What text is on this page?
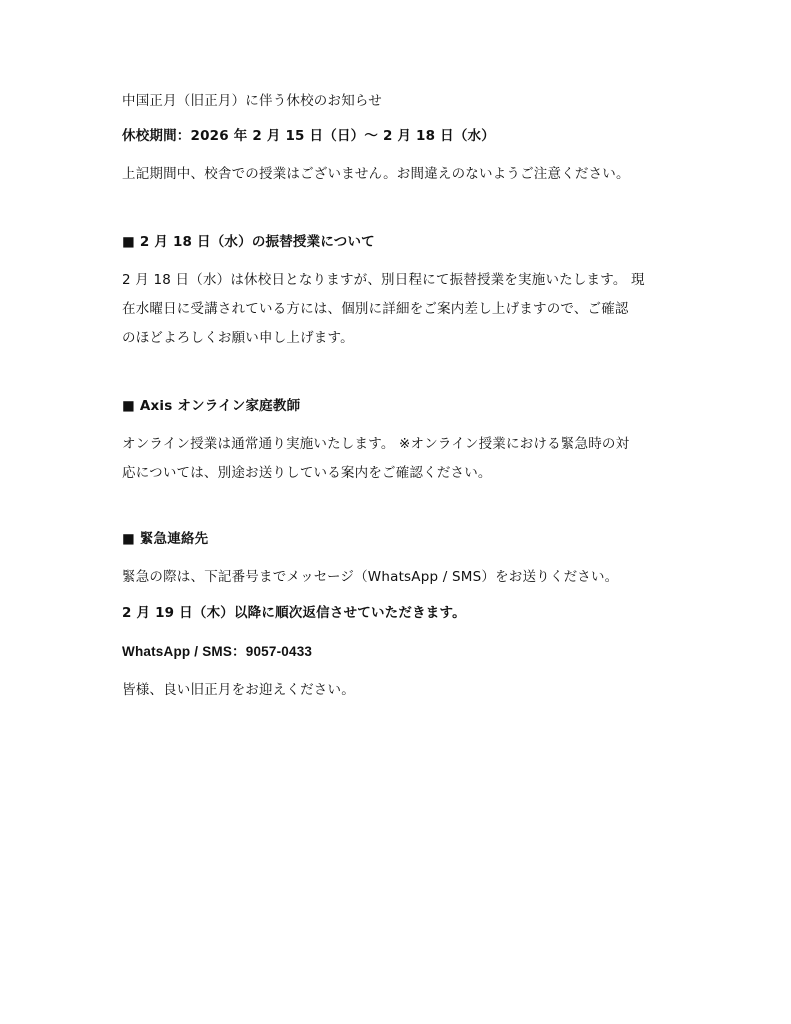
中国正月（旧正月）に伴う休校のお知らせ
休校期間：2026 年 2 月 15 日（日）〜 2 月 18 日（水）
上記期間中、校舎での授業はございません。お間違えのないようご注意ください。
■ 2 月 18 日（水）の振替授業について
2 月 18 日（水）は休校日となりますが、別日程にて振替授業を実施いたします。 現
在水曜日に受講されている方には、個別に詳細をご案内差し上げますので、ご確認
のほどよろしくお願い申し上げます。
■ Axis オンライン家庭教師
オンライン授業は通常通り実施いたします。 ※オンライン授業における緊急時の対
応については、別途お送りしている案内をご確認ください。
■ 緊急連絡先
緊急の際は、下記番号までメッセージ（WhatsApp / SMS）をお送りください。
2 月 19 日（木）以降に順次返信させていただきます。
WhatsApp / SMS：9057-0433
皆様、良い旧正月をお迎えください。
